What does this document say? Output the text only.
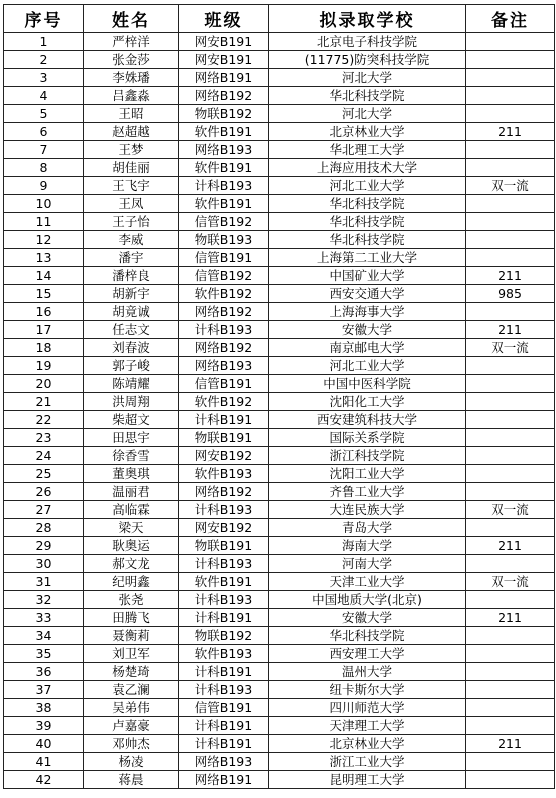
序号	姓名	班级	拟录取学校	备注
1	严梓洋	网安B191	北京电子科技学院	
2	张金莎	网安B191	(11775)防突科技学院	
3	李姝璠	网络B191	河北大学	
4	吕鑫淼	网络B192	华北科技学院	
5	王昭	物联B192	河北大学	
6	赵超越	软件B191	北京林业大学	211
7	王梦	网络B193	华北理工大学	
8	胡佳丽	软件B191	上海应用技术大学	
9	王飞宇	计科B193	河北工业大学	双一流
10	王凤	软件B191	华北科技学院	
11	王子怡	信管B192	华北科技学院	
12	李威	物联B193	华北科技学院	
13	潘宇	信管B191	上海第二工业大学	
14	潘梓良	信管B192	中国矿业大学	211
15	胡新宇	软件B192	西安交通大学	985
16	胡竟诚	网络B192	上海海事大学	
17	任志文	计科B193	安徽大学	211
18	刘春波	网络B192	南京邮电大学	双一流
19	郭子峻	网络B193	河北工业大学	
20	陈靖耀	信管B191	中国中医科学院	
21	洪周翔	软件B192	沈阳化工大学	
22	柴超文	计科B191	西安建筑科技大学	
23	田思宇	物联B191	国际关系学院	
24	徐香雪	网安B192	浙江科技学院	
25	董奥琪	软件B193	沈阳工业大学	
26	温丽君	网络B192	齐鲁工业大学	
27	高临霖	计科B193	大连民族大学	双一流
28	梁天	网安B192	青岛大学	
29	耿奥运	物联B191	海南大学	211
30	郝文龙	计科B193	河南大学	
31	纪明鑫	软件B191	天津工业大学	双一流
32	张尧	计科B193	中国地质大学(北京)	
33	田腾飞	计科B191	安徽大学	211
34	聂衡莉	物联B192	华北科技学院	
35	刘卫军	软件B193	西安理工大学	
36	杨楚琦	计科B191	温州大学	
37	袁乙澜	计科B193	纽卡斯尔大学	
38	吴弟伟	信管B191	四川师范大学	
39	卢嘉豪	计科B191	天津理工大学	
40	邓帅杰	计科B191	北京林业大学	211
41	杨凌	网络B193	浙江工业大学	
42	蒋晨	网络B191	昆明理工大学	
